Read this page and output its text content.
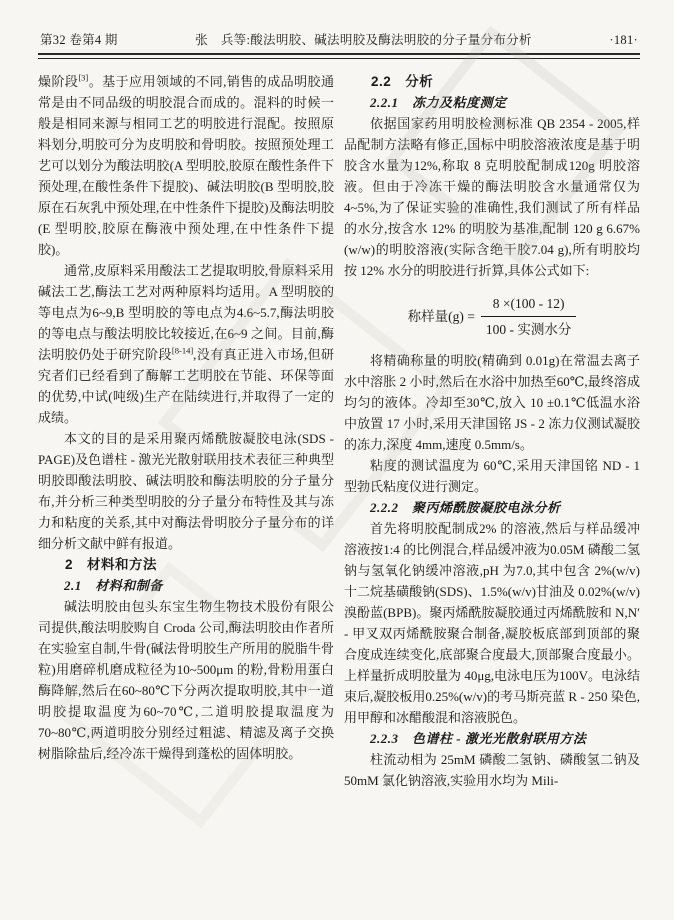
第32 卷第4 期	张　兵等:酸法明胶、碱法明胶及酶法明胶的分子量分布分析	·181·

燥阶段[3]。基于应用领域的不同,销售的成品明胶通常是由不同品级的明胶混合而成的。混料的时候一般是相同来源与相同工艺的明胶进行混配。按照原料划分,明胶可分为皮明胶和骨明胶。按照预处理工艺可以划分为酸法明胶(A 型明胶,胶原在酸性条件下预处理,在酸性条件下提胶)、碱法明胶(B 型明胶,胶原在石灰乳中预处理,在中性条件下提胶)及酶法明胶(E 型明胶,胶原在酶液中预处理,在中性条件下提胶)。

通常,皮原料采用酸法工艺提取明胶,骨原料采用碱法工艺,酶法工艺对两种原料均适用。A 型明胶的等电点为6~9,B 型明胶的等电点为4.6~5.7,酶法明胶的等电点与酸法明胶比较接近,在6~9 之间。目前,酶法明胶仍处于研究阶段[8-14],没有真正进入市场,但研究者们已经看到了酶解工艺明胶在节能、环保等面的优势,中试(吨级)生产在陆续进行,并取得了一定的成绩。

本文的目的是采用聚丙烯酰胺凝胶电泳(SDS - PAGE)及色谱柱 - 激光光散射联用技术表征三种典型明胶即酸法明胶、碱法明胶和酶法明胶的分子量分布,并分析三种类型明胶的分子量分布特性及其与冻力和粘度的关系,其中对酶法骨明胶分子量分布的详细分析文献中鲜有报道。

2　材料和方法

2.1　材料和制备

碱法明胶由包头东宝生物生物技术股份有限公司提供,酸法明胶购自 Croda 公司,酶法明胶由作者所在实验室自制,牛骨(碱法骨明胶生产所用的脱脂牛骨粒)用磨碎机磨成粒径为10~500μm 的粉,骨粉用蛋白酶降解,然后在60~80℃下分两次提取明胶,其中一道明胶提取温度为60~70℃,二道明胶提取温度为70~80℃,两道明胶分别经过粗滤、精滤及离子交换树脂除盐后,经冷冻干燥得到蓬松的固体明胶。

2.2　分析

2.2.1　冻力及粘度测定

依据国家药用明胶检测标准 QB 2354 - 2005,样品配制方法略有修正,国标中明胶溶液浓度是基于明胶含水量为12%,称取 8 克明胶配制成120g 明胶溶液。但由于冷冻干燥的酶法明胶含水量通常仅为4~5%,为了保证实验的准确性,我们测试了所有样品的水分,按含水 12% 的明胶为基准,配制 120 g 6.67%(w/w)的明胶溶液(实际含绝干胶7.04 g),所有明胶均按 12% 水分的明胶进行折算,具体公式如下:

称样量$(g) = \frac{8 \times(100 - 12)}{\text{100 - 实测水分}}$

将精确称量的明胶(精确到 0.01g)在常温去离子水中溶胀 2 小时,然后在水浴中加热至60℃,最终溶成均匀的液体。冷却至30℃,放入 10 ±0.1℃低温水浴中放置 17 小时,采用天津国铭 JS - 2 冻力仪测试凝胶的冻力,深度 4mm,速度 0.5mm/s。

粘度的测试温度为 60℃,采用天津国铭 ND - 1 型勃氏粘度仪进行测定。

2.2.2　聚丙烯酰胺凝胶电泳分析

首先将明胶配制成2% 的溶液,然后与样品缓冲溶液按1:4 的比例混合,样品缓冲液为0.05M 磷酸二氢钠与氢氧化钠缓冲溶液,pH 为7.0,其中包含 2%(w/v)十二烷基磺酸钠(SDS)、1.5%(w/v)甘油及 0.02%(w/v)溴酚蓝(BPB)。聚丙烯酰胺凝胶通过丙烯酰胺和 N,N′ - 甲叉双丙烯酰胺聚合制备,凝胶板底部到顶部的聚合度成连续变化,底部聚合度最大,顶部聚合度最小。上样量折成明胶量为 40μg,电泳电压为100V。电泳结束后,凝胶板用0.25%(w/v)的考马斯亮蓝 R - 250 染色,用甲醇和冰醋酸混和溶液脱色。

2.2.3　色谱柱 - 激光光散射联用方法

柱流动相为 25mM 磷酸二氢钠、磷酸氢二钠及 50mM 氯化钠溶液,实验用水均为 Mili-
